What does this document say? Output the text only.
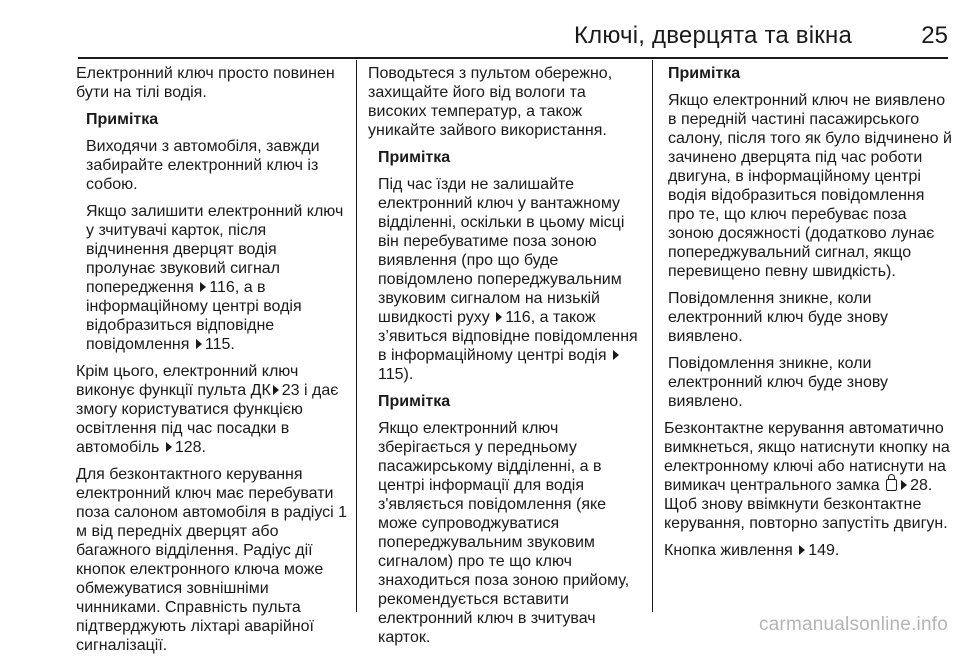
Ключі, дверцята та вікна	25

Електронний ключ просто повинен бути на тілі водія.

Примітка

Виходячи з автомобіля, завжди забирайте електронний ключ із собою.

Якщо залишити електронний ключ у зчитувачі карток, після відчинення дверцят водія пролунає звуковий сигнал попередження 116, а в інформаційному центрі водія відобразиться відповідне повідомлення 115.

Крім цього, електронний ключ виконує функції пульта ДК 23 і дає змогу користуватися функцією освітлення під час посадки в автомобіль 128.

Для безконтактного керування електронний ключ має перебувати поза салоном автомобіля в радіусі 1 м від передніх дверцят або багажного відділення. Радіус дії кнопок електронного ключа може обмежуватися зовнішніми чинниками. Справність пульта підтверджують ліхтарі аварійної сигналізації.

Поводьтеся з пультом обережно, захищайте його від вологи та високих температур, а також уникайте зайвого використання.

Примітка

Під час їзди не залишайте електронний ключ у вантажному відділенні, оскільки в цьому місці він перебуватиме поза зоною виявлення (про що буде повідомлено попереджувальним звуковим сигналом на низькій швидкості руху 116, а також з’явиться відповідне повідомлення в інформаційному центрі водія 115).

Примітка

Якщо електронний ключ зберігається у передньому пасажирському відділенні, а в центрі інформації для водія з'являється повідомлення (яке може супроводжуватися попереджувальним звуковим сигналом) про те що ключ знаходиться поза зоною прийому, рекомендується вставити електронний ключ в зчитувач карток.

Примітка

Якщо електронний ключ не виявлено в передній частині пасажирського салону, після того як було відчинено й зачинено дверцята під час роботи двигуна, в інформаційному центрі водія відобразиться повідомлення про те, що ключ перебуває поза зоною досяжності (додатково лунає попереджувальний сигнал, якщо перевищено певну швидкість).

Повідомлення зникне, коли електронний ключ буде знову виявлено.

Повідомлення зникне, коли електронний ключ буде знову виявлено.

Безконтактне керування автоматично вимкнеться, якщо натиснути кнопку на електронному ключі або натиснути на вимикач центрального замка 28. Щоб знову ввімкнути безконтактне керування, повторно запустіть двигун.

Кнопка живлення 149.

carmanualsonline.info
